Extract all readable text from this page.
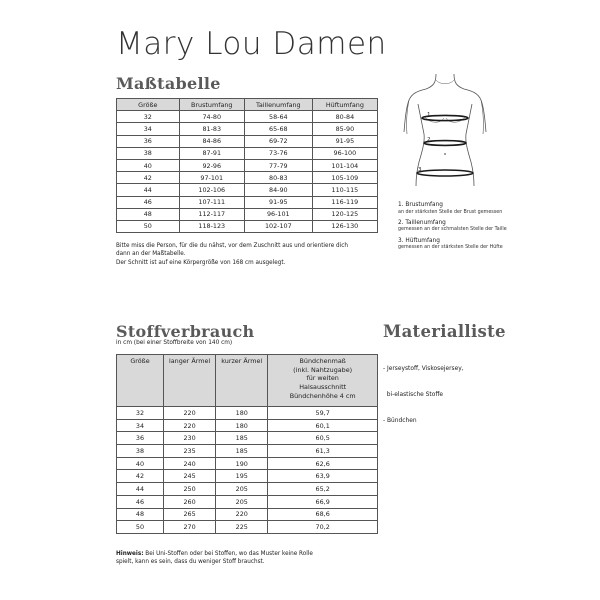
Mary Lou Damen
Maßtabelle
Größe	Brustumfang	Taillenumfang	Hüftumfang
32	74-80	58-64	80-84
34	81-83	65-68	85-90
36	84-86	69-72	91-95
38	87-91	73-76	96-100
40	92-96	77-79	101-104
42	97-101	80-83	105-109
44	102-106	84-90	110-115
46	107-111	91-95	116-119
48	112-117	96-101	120-125
50	118-123	102-107	126-130
Bitte miss die Person, für die du nähst, vor dem Zuschnitt aus und orientiere dich
dann an der Maßtabelle.
Der Schnitt ist auf eine Körpergröße von 168 cm ausgelegt.
1
2
3
1. Brustumfang
an der stärksten Stelle der Brust gemessen
2. Taillenumfang
gemessen an der schmalsten Stelle der Taille
3. Hüftumfang
gemessen an der stärksten Stelle der Hüfte
Stoffverbrauch
in cm (bei einer Stoffbreite von 140 cm)
Größe	langer Ärmel	kurzer Ärmel	Bündchenmaß
(inkl. Nahtzugabe)
für weiten
Halsausschnitt
Bündchenhöhe 4 cm
32	220	180	59,7
34	220	180	60,1
36	230	185	60,5
38	235	185	61,3
40	240	190	62,6
42	245	195	63,9
44	250	205	65,2
46	260	205	66,9
48	265	220	68,6
50	270	225	70,2
Hinweis: Bei Uni-Stoffen oder bei Stoffen, wo das Muster keine Rolle
spielt, kann es sein, dass du weniger Stoff brauchst.
Materialliste

- Jerseystoff, Viskosejersey,

bi-elastische Stoffe

- Bündchen
